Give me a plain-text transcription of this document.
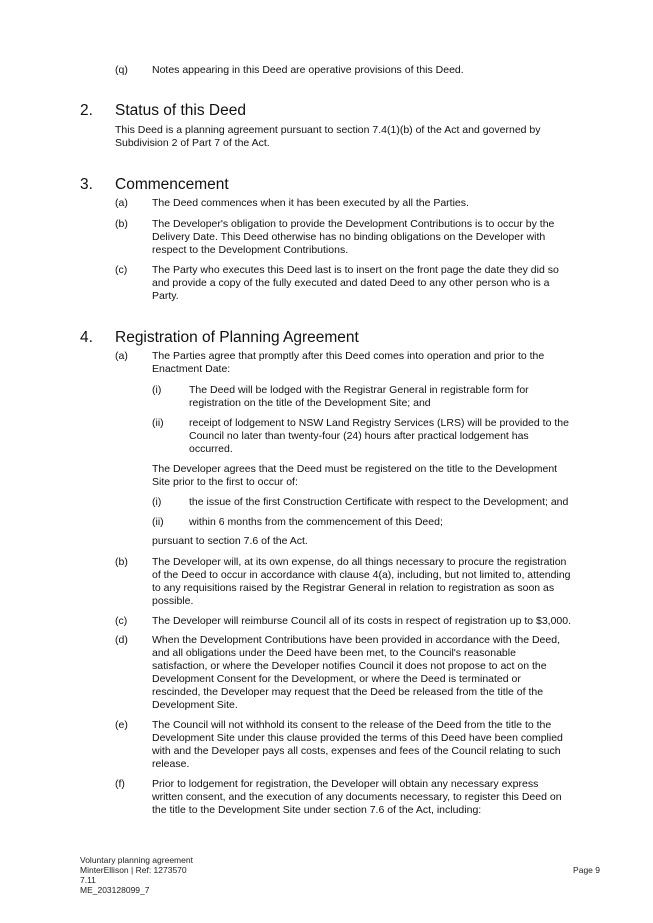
(q) Notes appearing in this Deed are operative provisions of this Deed.
2. Status of this Deed
This Deed is a planning agreement pursuant to section 7.4(1)(b) of the Act and governed by
Subdivision 2 of Part 7 of the Act.
3. Commencement
(a) The Deed commences when it has been executed by all the Parties.
(b) The Developer's obligation to provide the Development Contributions is to occur by the
Delivery Date. This Deed otherwise has no binding obligations on the Developer with
respect to the Development Contributions.
(c) The Party who executes this Deed last is to insert on the front page the date they did so
and provide a copy of the fully executed and dated Deed to any other person who is a
Party.
4. Registration of Planning Agreement
(a) The Parties agree that promptly after this Deed comes into operation and prior to the
Enactment Date:
(i)	The Deed will be lodged with the Registrar General in registrable form for
registration on the title of the Development Site; and
(ii) receipt of lodgement to NSW Land Registry Services (LRS) will be provided to the
Council no later than twenty-four (24) hours after practical lodgement has
occurred.
The Developer agrees that the Deed must be registered on the title to the Development
Site prior to the first to occur of:
(i)	the issue of the first Construction Certificate with respect to the Development; and
(ii) within 6 months from the commencement of this Deed;
pursuant to section 7.6 of the Act.
(b) The Developer will, at its own expense, do all things necessary to procure the registration
of the Deed to occur in accordance with clause 4(a), including, but not limited to, attending
to any requisitions raised by the Registrar General in relation to registration as soon as
possible.
(c) The Developer will reimburse Council all of its costs in respect of registration up to $3,000.
(d) When the Development Contributions have been provided in accordance with the Deed,
and all obligations under the Deed have been met, to the Council's reasonable
satisfaction, or where the Developer notifies Council it does not propose to act on the
Development Consent for the Development, or where the Deed is terminated or
rescinded, the Developer may request that the Deed be released from the title of the
Development Site.
(e) The Council will not withhold its consent to the release of the Deed from the title to the
Development Site under this clause provided the terms of this Deed have been complied
with and the Developer pays all costs, expenses and fees of the Council relating to such
release.
(f)	Prior to lodgement for registration, the Developer will obtain any necessary express
written consent, and the execution of any documents necessary, to register this Deed on
the title to the Development Site under section 7.6 of the Act, including:
Voluntary planning agreement
MinterEllison | Ref: 1273570
7.11
ME_203128099_7
Page 9
